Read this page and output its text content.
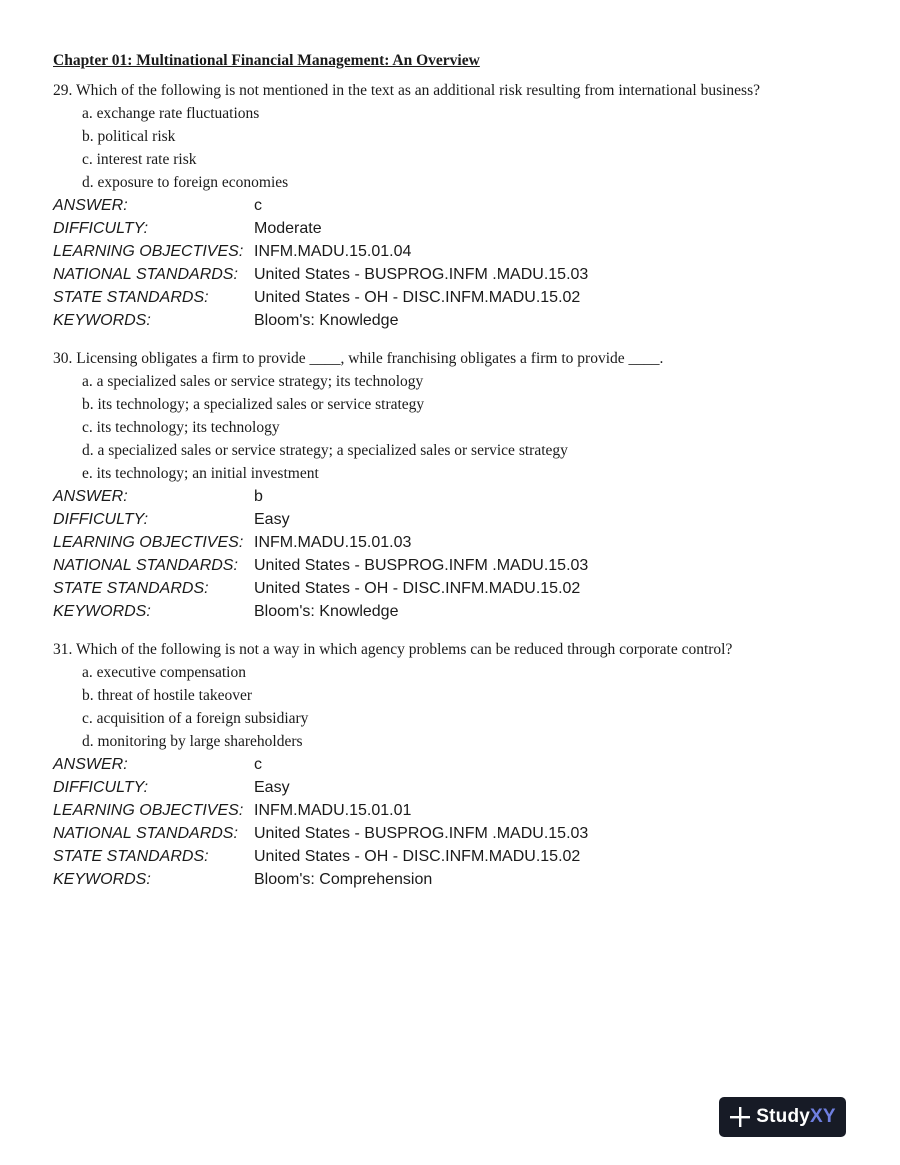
Chapter 01: Multinational Financial Management: An Overview

29. Which of the following is not mentioned in the text as an additional risk resulting from international business?

a. exchange rate fluctuations
b. political risk
c. interest rate risk
d. exposure to foreign economies
ANSWER:	c
DIFFICULTY:	Moderate
LEARNING OBJECTIVES: INFM.MADU.15.01.04
NATIONAL STANDARDS:	United States - BUSPROG.INFM .MADU.15.03
STATE STANDARDS:	United States - OH - DISC.INFM.MADU.15.02
KEYWORDS:	Bloom's: Knowledge

30. Licensing obligates a firm to provide ____, while franchising obligates a firm to provide ____.

a. a specialized sales or service strategy; its technology
b. its technology; a specialized sales or service strategy
c. its technology; its technology
d. a specialized sales or service strategy; a specialized sales or service strategy
e. its technology; an initial investment
ANSWER:	b
DIFFICULTY:	Easy
LEARNING OBJECTIVES: INFM.MADU.15.01.03
NATIONAL STANDARDS:	United States - BUSPROG.INFM .MADU.15.03
STATE STANDARDS:	United States - OH - DISC.INFM.MADU.15.02
KEYWORDS:	Bloom's: Knowledge

31. Which of the following is not a way in which agency problems can be reduced through corporate control?

a. executive compensation
b. threat of hostile takeover
c. acquisition of a foreign subsidiary
d. monitoring by large shareholders
ANSWER:	c
DIFFICULTY:	Easy
LEARNING OBJECTIVES: INFM.MADU.15.01.01
NATIONAL STANDARDS:	United States - BUSPROG.INFM .MADU.15.03
STATE STANDARDS:	United States - OH - DISC.INFM.MADU.15.02
KEYWORDS:	Bloom's: Comprehension
StudyXY
